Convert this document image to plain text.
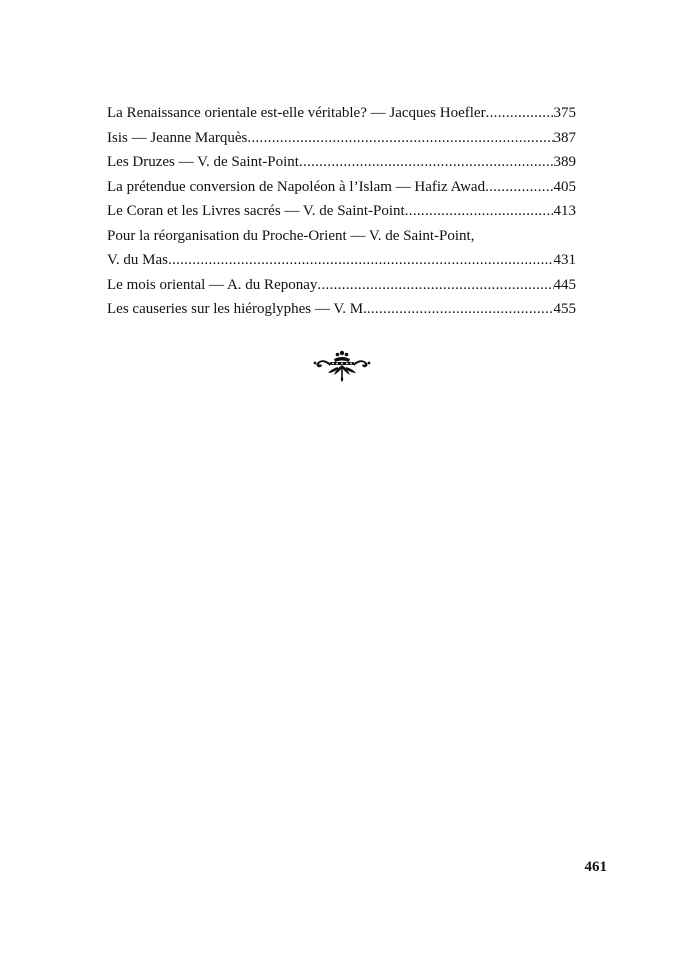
La Renaissance orientale est-elle véritable? — Jacques Hoefler .....	375
Isis — Jeanne Marquès .....	387
Les Druzes — V. de Saint-Point .....	389
La prétendue conversion de Napoléon à l’Islam — Hafiz Awad .....	405
Le Coran et les Livres sacrés — V. de Saint-Point .....	413
Pour la réorganisation du Proche-Orient — V. de Saint-Point,
V. du Mas .....	431
Le mois oriental — A. du Reponay .....	445
Les causeries sur les hiéroglyphes — V. M. .....	455
461
